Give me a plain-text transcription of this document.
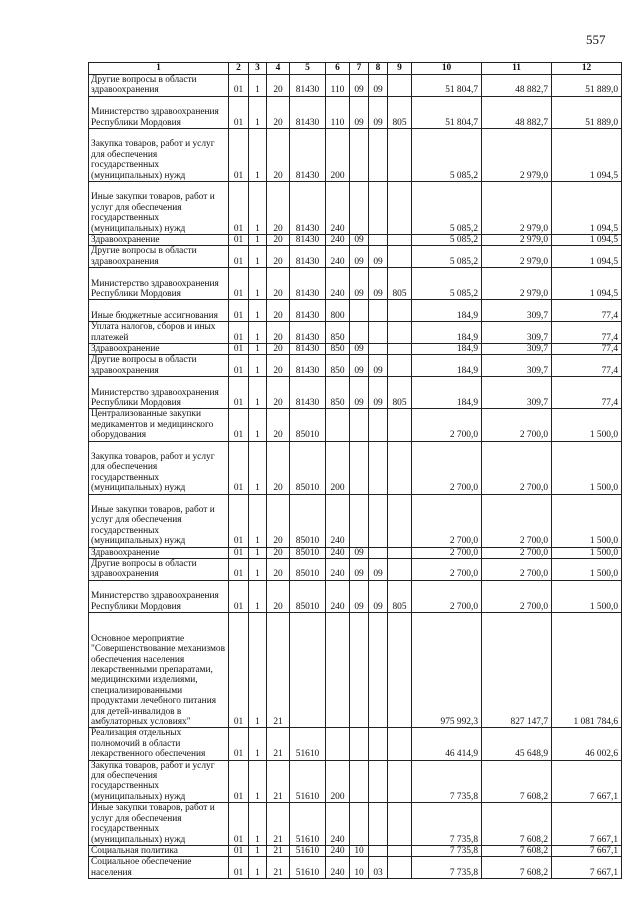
557
1	2	3	4	5	6	7	8	9	10	11	12
Другие вопросы в области здравоохранения	01	1	20	81430	110	09	09		51 804,7	48 882,7	51 889,0
Министерство здравоохранения Республики Мордовия	01	1	20	81430	110	09	09	805	51 804,7	48 882,7	51 889,0
Закупка товаров, работ и услуг для обеспечения государственных (муниципальных) нужд	01	1	20	81430	200				5 085,2	2 979,0	1 094,5
Иные закупки товаров, работ и услуг для обеспечения государственных (муниципальных) нужд	01	1	20	81430	240				5 085,2	2 979,0	1 094,5
Здравоохранение	01	1	20	81430	240	09			5 085,2	2 979,0	1 094,5
Другие вопросы в области здравоохранения	01	1	20	81430	240	09	09		5 085,2	2 979,0	1 094,5
Министерство здравоохранения Республики Мордовия	01	1	20	81430	240	09	09	805	5 085,2	2 979,0	1 094,5
Иные бюджетные ассигнования	01	1	20	81430	800				184,9	309,7	77,4
Уплата налогов, сборов и иных платежей	01	1	20	81430	850				184,9	309,7	77,4
Здравоохранение	01	1	20	81430	850	09			184,9	309,7	77,4
Другие вопросы в области здравоохранения	01	1	20	81430	850	09	09		184,9	309,7	77,4
Министерство здравоохранения Республики Мордовия	01	1	20	81430	850	09	09	805	184,9	309,7	77,4
Централизованные закупки медикаментов и медицинского оборудования	01	1	20	85010					2 700,0	2 700,0	1 500,0
Закупка товаров, работ и услуг для обеспечения государственных (муниципальных) нужд	01	1	20	85010	200				2 700,0	2 700,0	1 500,0
Иные закупки товаров, работ и услуг для обеспечения государственных (муниципальных) нужд	01	1	20	85010	240				2 700,0	2 700,0	1 500,0
Здравоохранение	01	1	20	85010	240	09			2 700,0	2 700,0	1 500,0
Другие вопросы в области здравоохранения	01	1	20	85010	240	09	09		2 700,0	2 700,0	1 500,0
Министерство здравоохранения Республики Мордовия	01	1	20	85010	240	09	09	805	2 700,0	2 700,0	1 500,0
Основное мероприятие "Совершенствование механизмов обеспечения населения лекарственными препаратами, медицинскими изделиями, специализированными продуктами лечебного питания для детей-инвалидов в амбулаторных условиях"	01	1	21						975 992,3	827 147,7	1 081 784,6
Реализация отдельных полномочий в области лекарственного обеспечения	01	1	21	51610					46 414,9	45 648,9	46 002,6
Закупка товаров, работ и услуг для обеспечения государственных (муниципальных) нужд	01	1	21	51610	200				7 735,8	7 608,2	7 667,1
Иные закупки товаров, работ и услуг для обеспечения государственных (муниципальных) нужд	01	1	21	51610	240				7 735,8	7 608,2	7 667,1
Социальная политика	01	1	21	51610	240	10			7 735,8	7 608,2	7 667,1
Социальное обеспечение населения	01	1	21	51610	240	10	03		7 735,8	7 608,2	7 667,1
